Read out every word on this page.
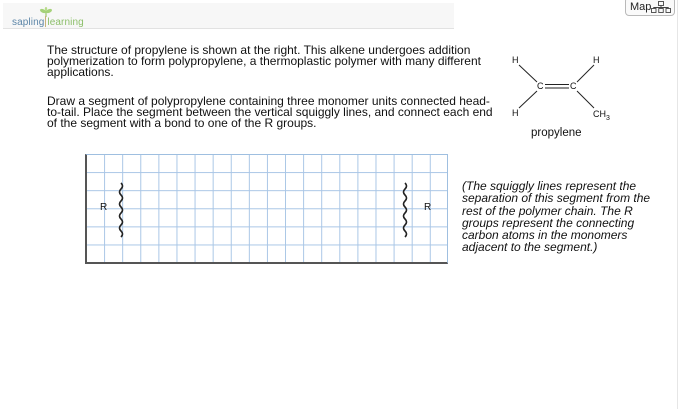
sapling learning
Map
The structure of propylene is shown at the right. This alkene undergoes addition polymerization to form polypropylene, a thermoplastic polymer with many different applications.
Draw a segment of polypropylene containing three monomer units connected head-to-tail. Place the segment between the vertical squiggly lines, and connect each end of the segment with a bond to one of the R groups.
H	H
H
C	C
$CH_3$
propylene
R	R
(The squiggly lines represent the separation of this segment from the rest of the polymer chain. The R groups represent the connecting carbon atoms in the monomers adjacent to the segment.)
